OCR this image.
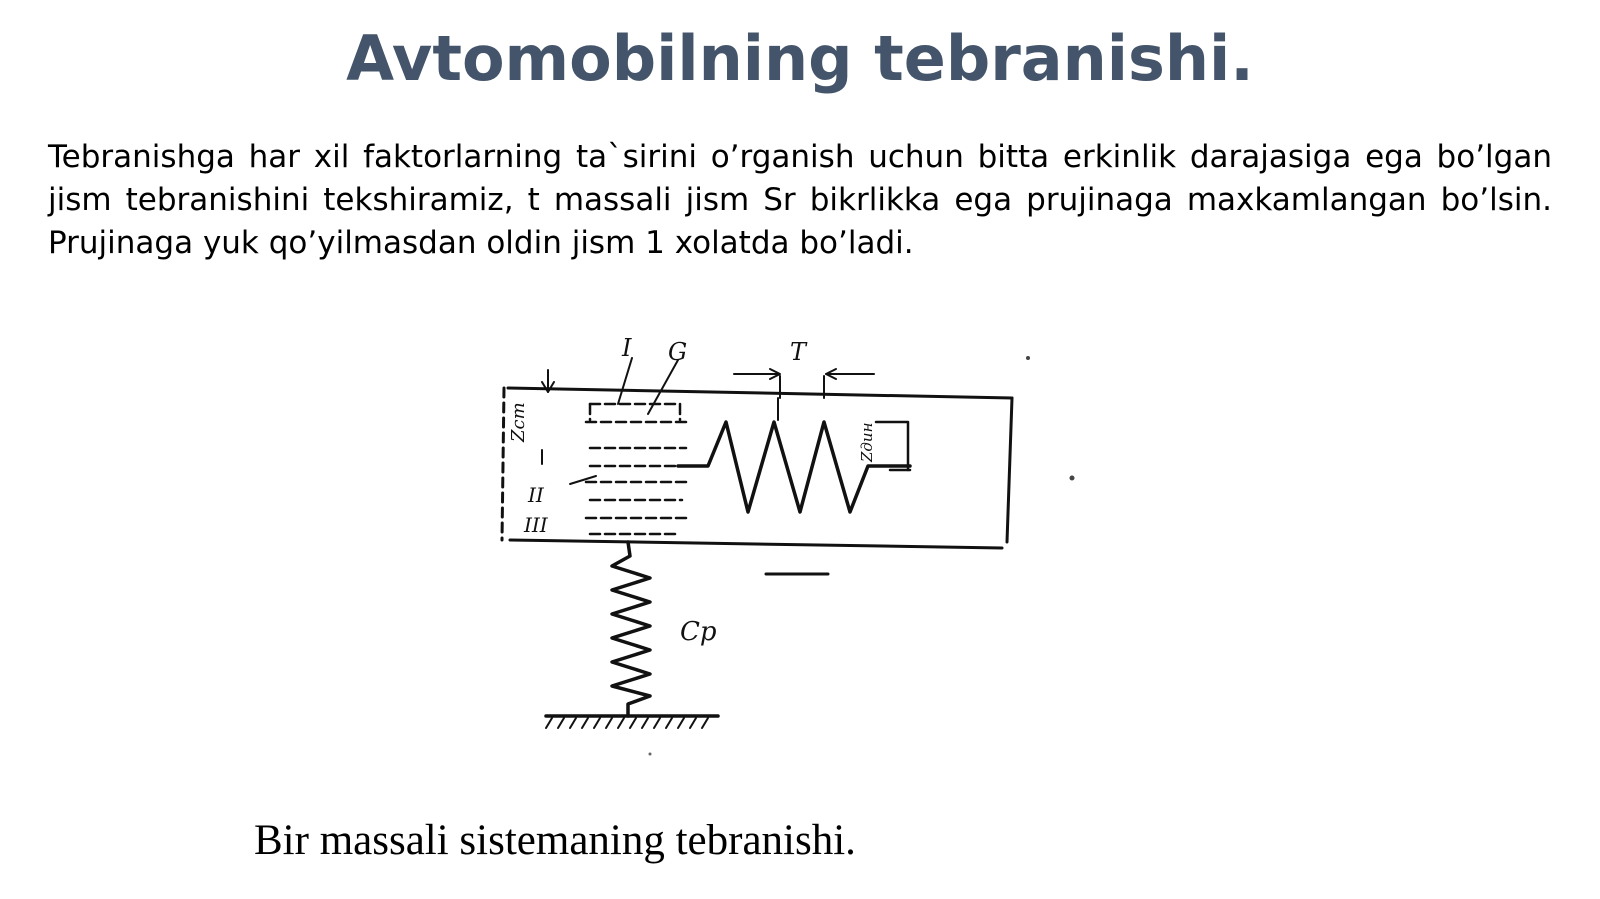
Avtomobilning tebranishi.

Tebranishga har xil faktorlarning ta`sirini o’rganish uchun bitta erkinlik darajasiga ega bo’lgan jism tebranishini tekshiramiz, t massali jism Sr bikrlikka ega prujinaga maxkamlangan bo’lsin. Prujinaga yuk qo’yilmasdan oldin jism 1 xolatda bo’ladi.

I G	T
Zст
Zдин
II
III
Cp

Bir massali sistemaning tebranishi.
